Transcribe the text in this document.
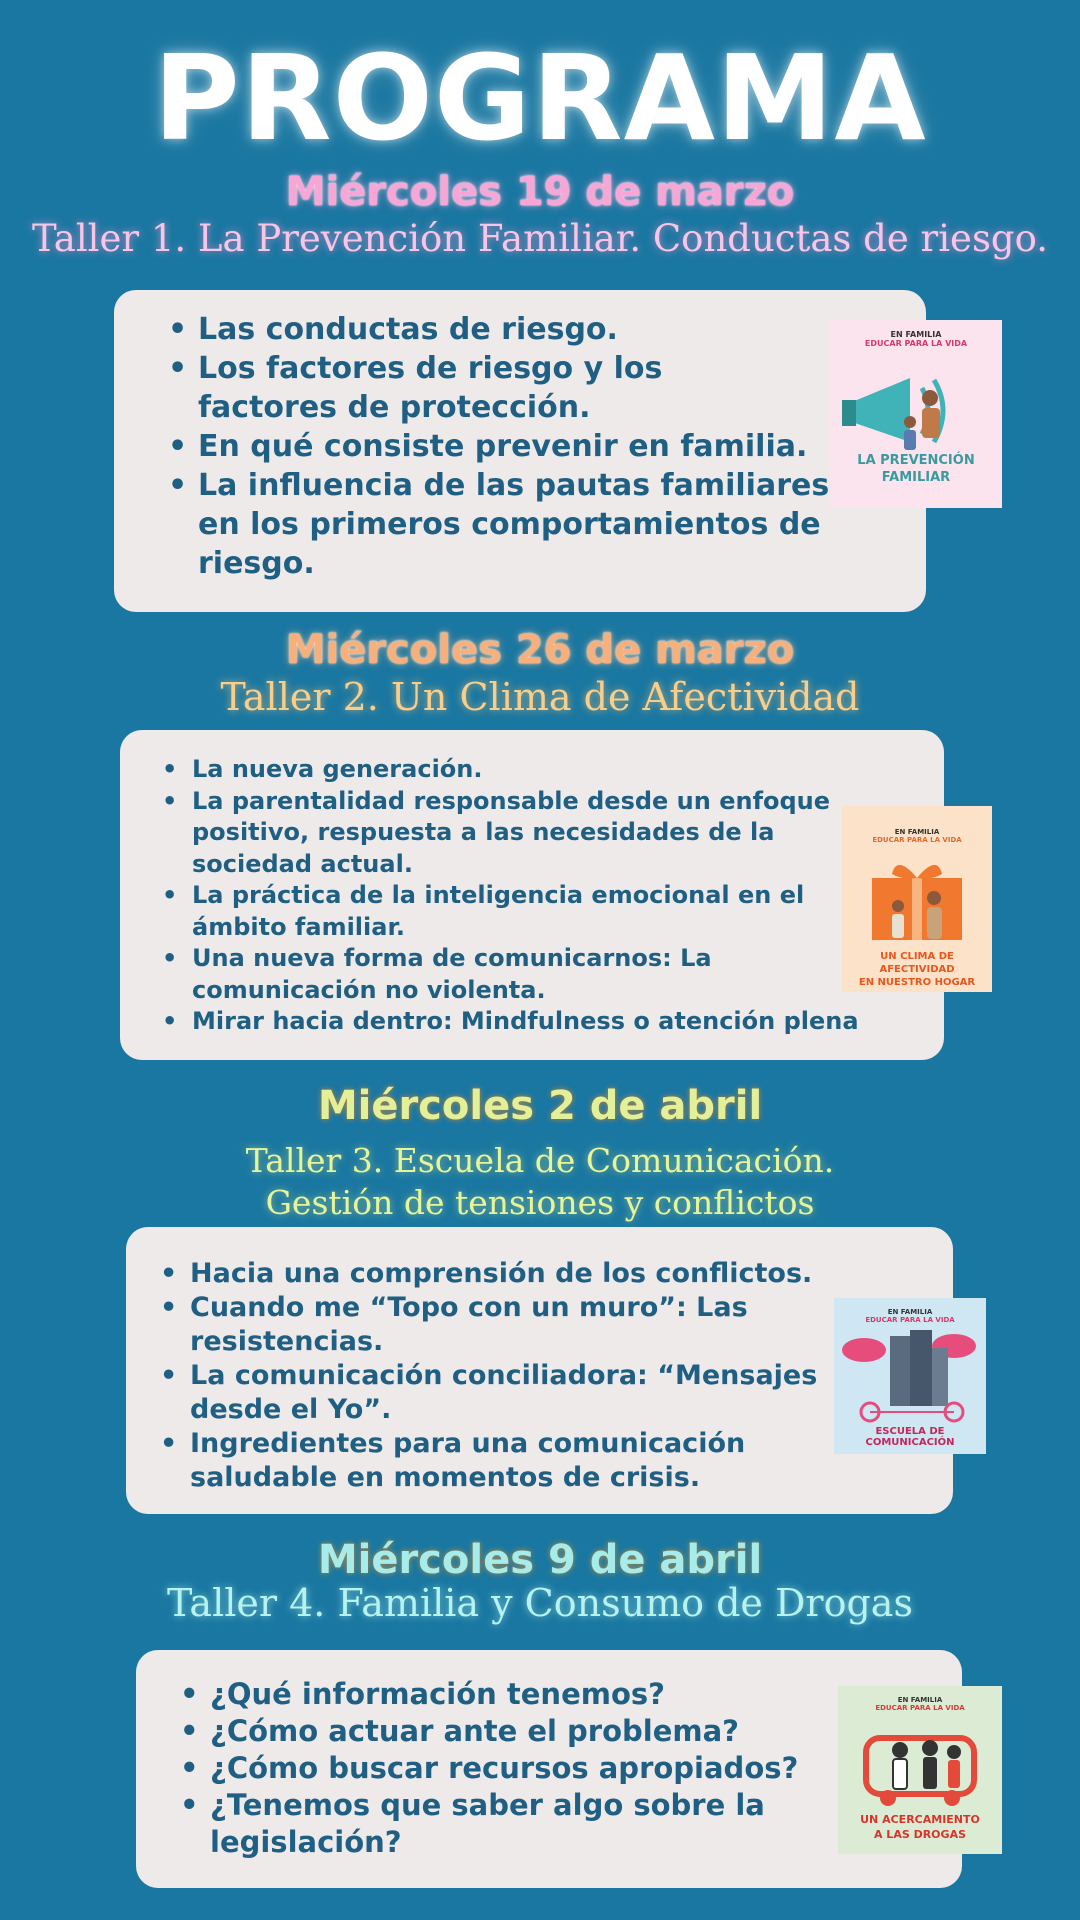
PROGRAMA
Miércoles 19 de marzo
Taller 1. La Prevención Familiar. Conductas de riesgo.
• Las conductas de riesgo.
• Los factores de riesgo y los factores de protección.
• En qué consiste prevenir en familia.
• La influencia de las pautas familiares en los primeros comportamientos de riesgo.
EN FAMILIA
EDUCAR PARA LA VIDA
LA PREVENCIÓN
FAMILIAR
Miércoles 26 de marzo
Taller 2. Un Clima de Afectividad
• La nueva generación.
• La parentalidad responsable desde un enfoque positivo, respuesta a las necesidades de la sociedad actual.
• La práctica de la inteligencia emocional en el ámbito familiar.
• Una nueva forma de comunicarnos: La comunicación no violenta.
• Mirar hacia dentro: Mindfulness o atención plena
EN FAMILIA
EDUCAR PARA LA VIDA
UN CLIMA DE AFECTIVIDAD
EN NUESTRO HOGAR
Miércoles 2 de abril
Taller 3. Escuela de Comunicación.
Gestión de tensiones y conflictos
• Hacia una comprensión de los conflictos.
• Cuando me “Topo con un muro”: Las resistencias.
• La comunicación conciliadora: “Mensajes desde el Yo”.
• Ingredientes para una comunicación saludable en momentos de crisis.
EN FAMILIA
EDUCAR PARA LA VIDA
ESCUELA DE COMUNICACIÓN
Miércoles 9 de abril
Taller 4. Familia y Consumo de Drogas
• ¿Qué información tenemos?
• ¿Cómo actuar ante el problema?
• ¿Cómo buscar recursos apropiados?
• ¿Tenemos que saber algo sobre la legislación?
EN FAMILIA
EDUCAR PARA LA VIDA
UN ACERCAMIENTO
A LAS DROGAS
